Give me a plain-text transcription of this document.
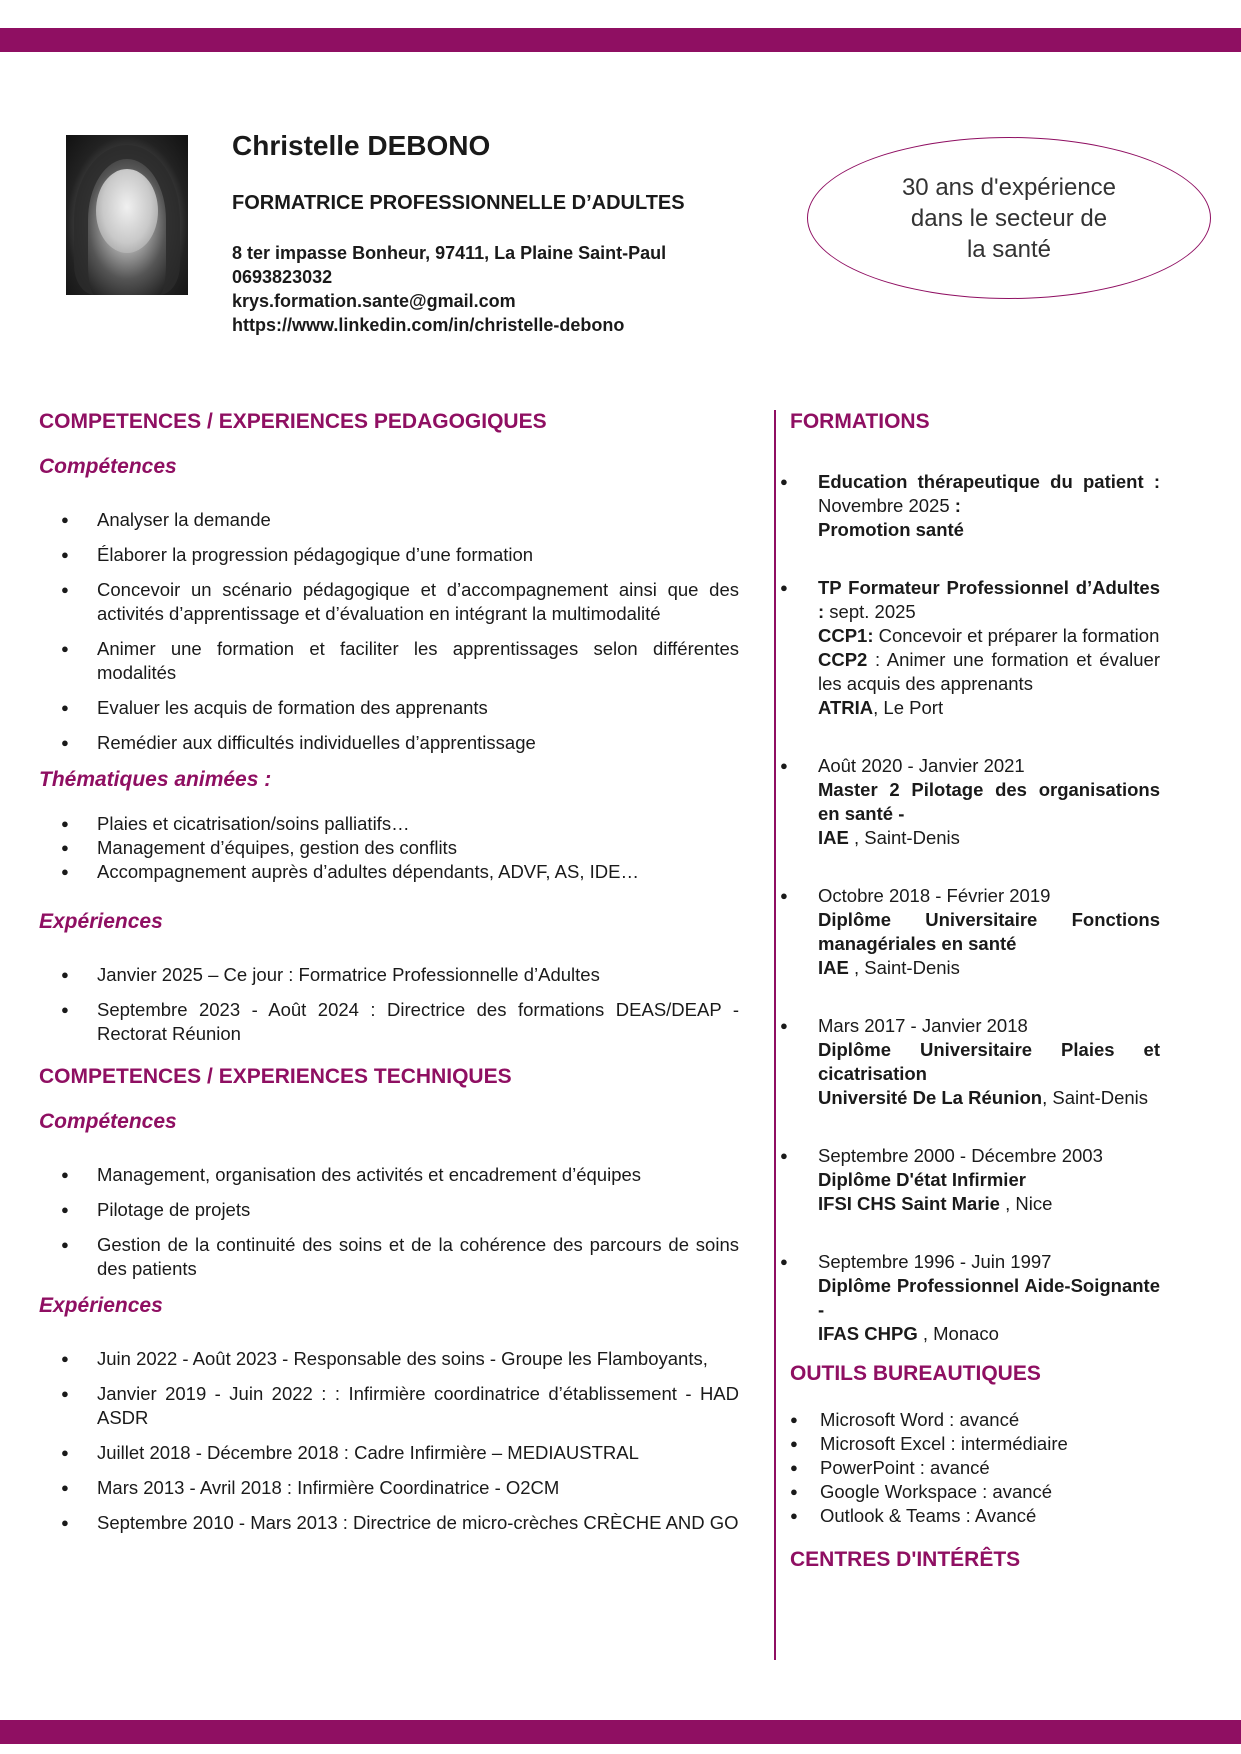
Christelle DEBONO

FORMATRICE PROFESSIONNELLE D’ADULTES

8 ter impasse Bonheur, 97411, La Plaine Saint-Paul
0693823032
krys.formation.sante@gmail.com
https://www.linkedin.com/in/christelle-debono
30 ans d'expérience
dans le secteur de
la santé
COMPETENCES / EXPERIENCES PEDAGOGIQUES
Compétences
● Analyser la demande
● Élaborer la progression pédagogique d’une formation
● Concevoir un scénario pédagogique et d’accompagnement ainsi que des activités d’apprentissage et d’évaluation en intégrant la multimodalité
● Animer une formation et faciliter les apprentissages selon différentes modalités
● Evaluer les acquis de formation des apprenants
● Remédier aux difficultés individuelles d’apprentissage
Thématiques animées :
● Plaies et cicatrisation/soins palliatifs…
● Management d’équipes, gestion des conflits
● Accompagnement auprès d’adultes dépendants, ADVF, AS, IDE…
Expériences
● Janvier 2025 – Ce jour : Formatrice Professionnelle d’Adultes
● Septembre 2023 - Août 2024 : Directrice des formations DEAS/DEAP - Rectorat Réunion
COMPETENCES / EXPERIENCES TECHNIQUES
Compétences
● Management, organisation des activités et encadrement d’équipes
● Pilotage de projets
● Gestion de la continuité des soins et de la cohérence des parcours de soins des patients
Expériences
● Juin 2022 - Août 2023 - Responsable des soins - Groupe les Flamboyants,
● Janvier 2019 - Juin 2022 : : Infirmière coordinatrice d’établissement - HAD ASDR
● Juillet 2018 - Décembre 2018 : Cadre Infirmière – MEDIAUSTRAL
● Mars 2013 - Avril 2018 : Infirmière Coordinatrice - O2CM
● Septembre 2010 - Mars 2013 : Directrice de micro-crèches CRÈCHE AND GO
FORMATIONS
● Education thérapeutique du patient : Novembre 2025 :
Promotion santé
● TP Formateur Professionnel d’Adultes : sept. 2025
CCP1: Concevoir et préparer la formation
CCP2 : Animer une formation et évaluer les acquis des apprenants
ATRIA, Le Port
● Août 2020 - Janvier 2021
Master 2 Pilotage des organisations en santé -
IAE , Saint-Denis
● Octobre 2018 - Février 2019
Diplôme Universitaire Fonctions managériales en santé
IAE , Saint-Denis
● Mars 2017 - Janvier 2018
Diplôme Universitaire Plaies et cicatrisation
Université De La Réunion, Saint-Denis
● Septembre 2000 - Décembre 2003
Diplôme D'état Infirmier
IFSI CHS Saint Marie , Nice
● Septembre 1996 - Juin 1997
Diplôme Professionnel Aide-Soignante -
IFAS CHPG , Monaco
OUTILS BUREAUTIQUES
● Microsoft Word : avancé
● Microsoft Excel : intermédiaire
● PowerPoint : avancé
● Google Workspace : avancé
● Outlook & Teams : Avancé
CENTRES D'INTÉRÊTS
